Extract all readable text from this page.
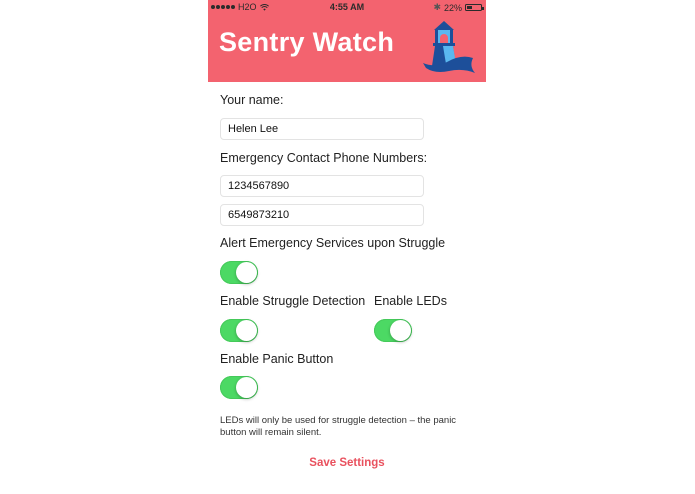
H2O	4:55 AM	✱ 22%
Sentry Watch
Your name:
Helen Lee
Emergency Contact Phone Numbers:
1234567890
6549873210
Alert Emergency Services upon Struggle
Enable Struggle Detection Enable LEDs
Enable Panic Button
LEDs will only be used for struggle detection – the panic button will remain silent.
Save Settings
